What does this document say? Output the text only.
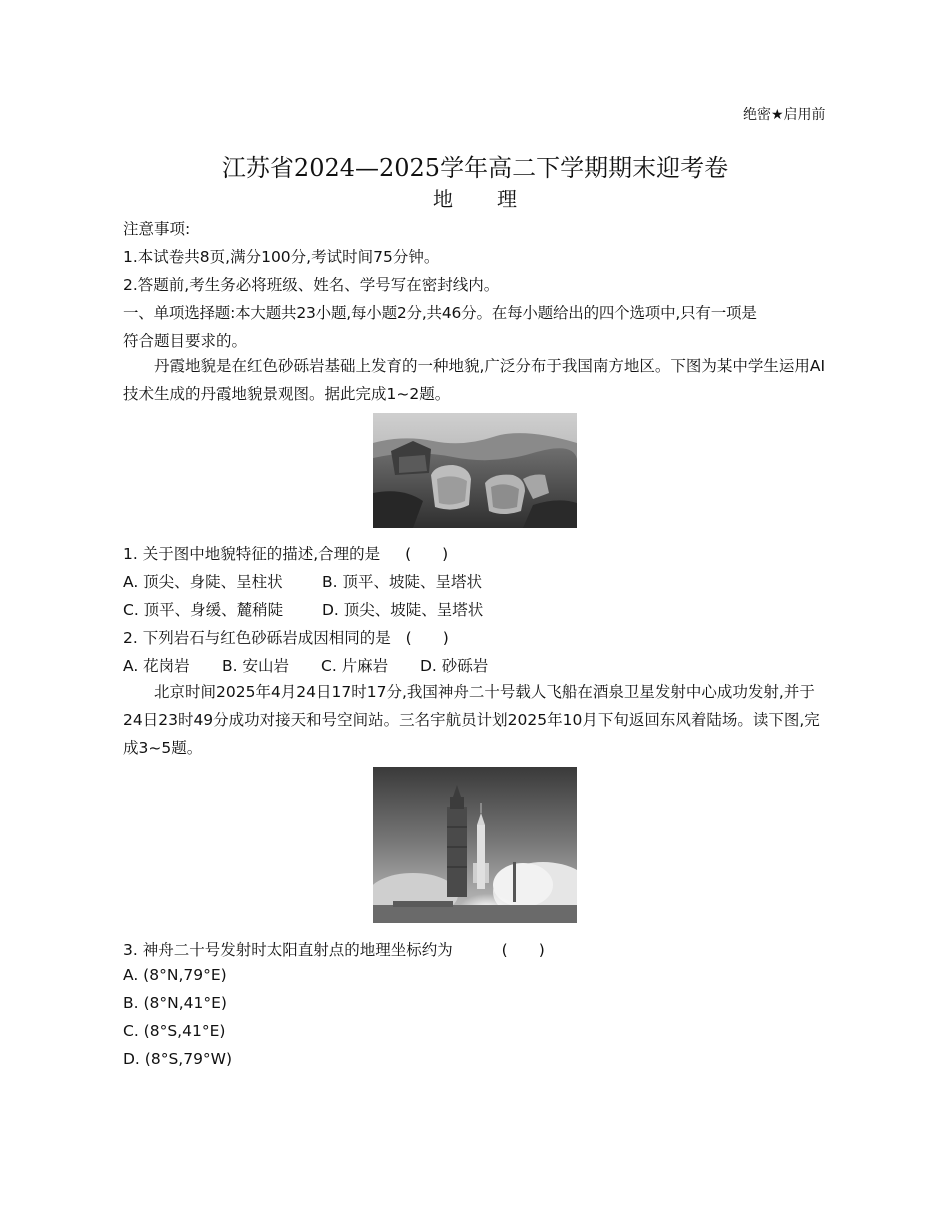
绝密★启用前
江苏省2024—2025学年高二下学期期末迎考卷
地理
注意事项:
1.本试卷共8页,满分100分,考试时间75分钟。
2.答题前,考生务必将班级、姓名、学号写在密封线内。
一、单项选择题:本大题共23小题,每小题2分,共46分。在每小题给出的四个选项中,只有一项是
符合题目要求的。
丹霞地貌是在红色砂砾岩基础上发育的一种地貌,广泛分布于我国南方地区。下图为某中学生运用AI技术生成的丹霞地貌景观图。据此完成1~2题。
1. 关于图中地貌特征的描述,合理的是 (　　)
A. 顶尖、身陡、呈柱状	B. 顶平、坡陡、呈塔状
C. 顶平、身缓、麓稍陡	D. 顶尖、坡陡、呈塔状
2. 下列岩石与红色砂砾岩成因相同的是 (　　)
A. 花岗岩 B. 安山岩 C. 片麻岩 D. 砂砾岩
北京时间2025年4月24日17时17分,我国神舟二十号载人飞船在酒泉卫星发射中心成功发射,并于24日23时49分成功对接天和号空间站。三名宇航员计划2025年10月下旬返回东风着陆场。读下图,完成3~5题。
3. 神舟二十号发射时太阳直射点的地理坐标约为	(　　)
A. (8°N,79°E)
B. (8°N,41°E)
C. (8°S,41°E)
D. (8°S,79°W)
